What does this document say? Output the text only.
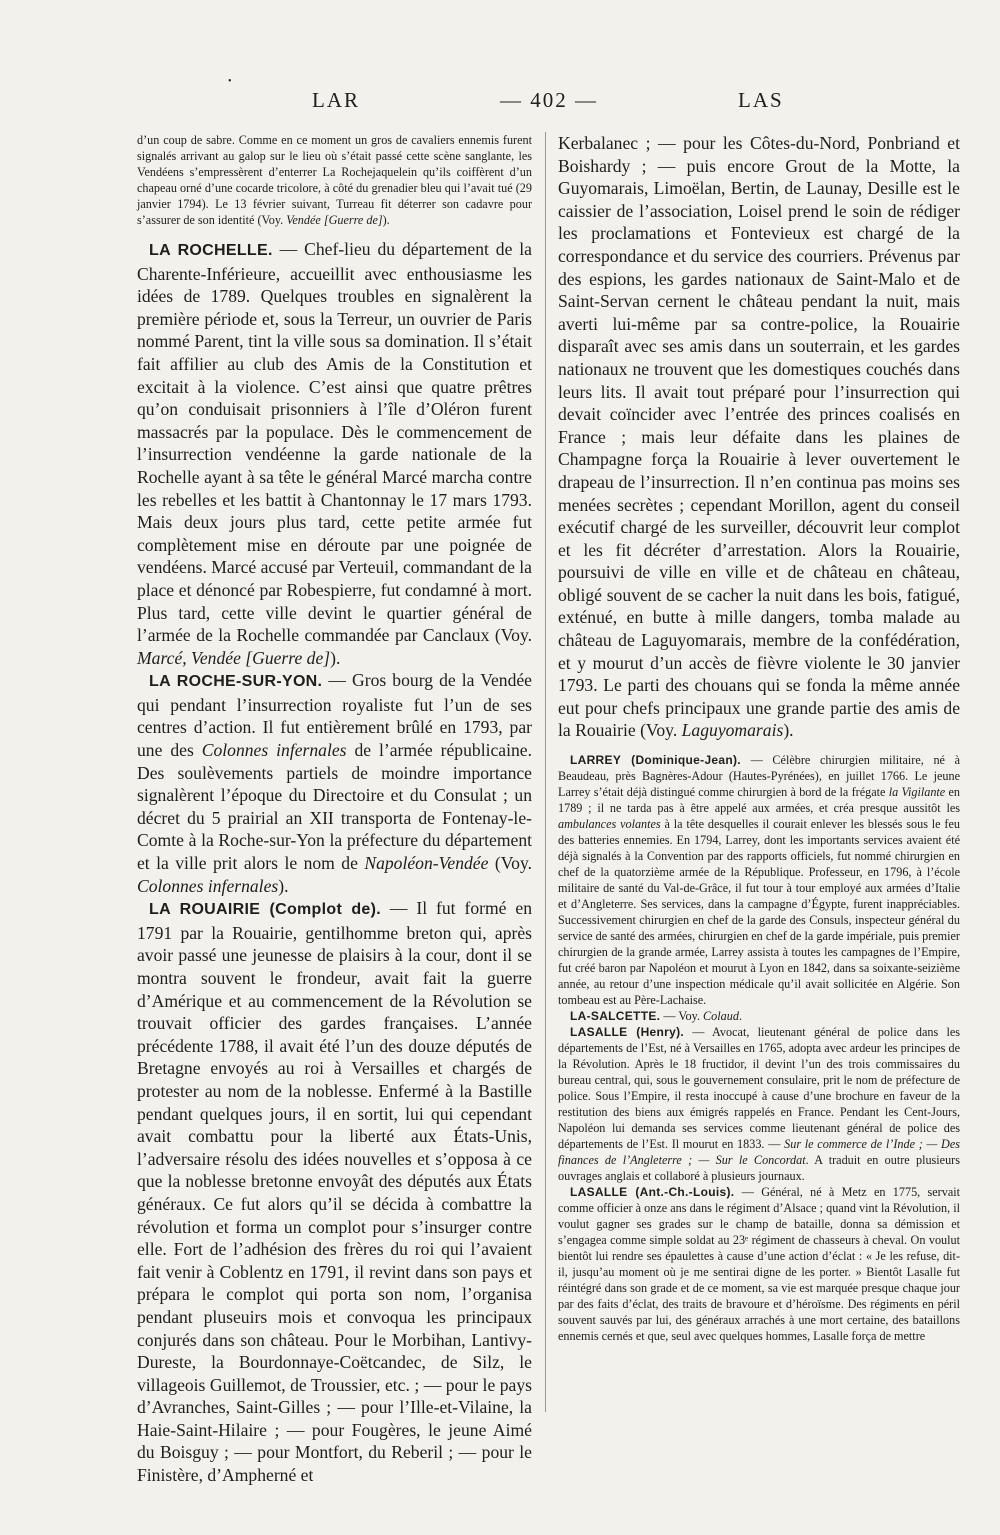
•
LAR	— 402 —	LAS

d’un coup de sabre. Comme en ce moment un gros de cavaliers ennemis furent signalés arrivant au galop sur le lieu où s’était passé cette scène sanglante, les Vendéens s’empressèrent d’enterrer La Rochejaquelein qu’ils coiffèrent d’un chapeau orné d’une cocarde tricolore, à côté du grenadier bleu qui l’avait tué (29 janvier 1794). Le 13 février suivant, Turreau fit déterrer son cadavre pour s’assurer de son identité (Voy. Vendée [Guerre de]).

LA ROCHELLE. — Chef-lieu du département de la Charente-Inférieure, accueillit avec enthousiasme les idées de 1789. Quelques troubles en signalèrent la première période et, sous la Terreur, un ouvrier de Paris nommé Parent, tint la ville sous sa domination. Il s’était fait affilier au club des Amis de la Constitution et excitait à la violence. C’est ainsi que quatre prêtres qu’on conduisait prisonniers à l’île d’Oléron furent massacrés par la populace. Dès le commencement de l’insurrection vendéenne la garde nationale de la Rochelle ayant à sa tête le général Marcé marcha contre les rebelles et les battit à Chantonnay le 17 mars 1793. Mais deux jours plus tard, cette petite armée fut complètement mise en déroute par une poignée de vendéens. Marcé accusé par Verteuil, commandant de la place et dénoncé par Robespierre, fut condamné à mort. Plus tard, cette ville devint le quartier général de l’armée de la Rochelle commandée par Canclaux (Voy. Marcé, Vendée [Guerre de]).

LA ROCHE-SUR-YON. — Gros bourg de la Vendée qui pendant l’insurrection royaliste fut l’un de ses centres d’action. Il fut entièrement brûlé en 1793, par une des Colonnes infernales de l’armée républicaine. Des soulèvements partiels de moindre importance signalèrent l’époque du Directoire et du Consulat ; un décret du 5 prairial an XII transporta de Fontenay-le-Comte à la Roche-sur-Yon la préfecture du département et la ville prit alors le nom de Napoléon-Vendée (Voy. Colonnes infernales).

LA ROUAIRIE (Complot de). — Il fut formé en 1791 par la Rouairie, gentilhomme breton qui, après avoir passé une jeunesse de plaisirs à la cour, dont il se montra souvent le frondeur, avait fait la guerre d’Amérique et au commencement de la Révolution se trouvait officier des gardes françaises. L’année précédente 1788, il avait été l’un des douze députés de Bretagne envoyés au roi à Versailles et chargés de protester au nom de la noblesse. Enfermé à la Bastille pendant quelques jours, il en sortit, lui qui cependant avait combattu pour la liberté aux États-Unis, l’adversaire résolu des idées nouvelles et s’opposa à ce que la noblesse bretonne envoyât des députés aux États généraux. Ce fut alors qu’il se décida à combattre la révolution et forma un complot pour s’insurger contre elle. Fort de l’adhésion des frères du roi qui l’avaient fait venir à Coblentz en 1791, il revint dans son pays et prépara le complot qui porta son nom, l’organisa pendant pluseuirs mois et convoqua les principaux conjurés dans son château. Pour le Morbihan, Lantivy-Dureste, la Bourdonnaye-Coëtcandec, de Silz, le villageois Guillemot, de Troussier, etc. ; — pour le pays d’Avranches, Saint-Gilles ; — pour l’Ille-et-Vilaine, la Haie-Saint-Hilaire ; — pour Fougères, le jeune Aimé du Boisguy ; — pour Montfort, du Reberil ; — pour le Finistère, d’Ampherné et

Kerbalanec ; — pour les Côtes-du-Nord, Ponbriand et Boishardy ; — puis encore Grout de la Motte, la Guyomarais, Limoëlan, Bertin, de Launay, Desille est le caissier de l’association, Loisel prend le soin de rédiger les proclamations et Fontevieux est chargé de la correspondance et du service des courriers. Prévenus par des espions, les gardes nationaux de Saint-Malo et de Saint-Servan cernent le château pendant la nuit, mais averti lui-même par sa contre-police, la Rouairie disparaît avec ses amis dans un souterrain, et les gardes nationaux ne trouvent que les domestiques couchés dans leurs lits. Il avait tout préparé pour l’insurrection qui devait coïncider avec l’entrée des princes coalisés en France ; mais leur défaite dans les plaines de Champagne força la Rouairie à lever ouvertement le drapeau de l’insurrection. Il n’en continua pas moins ses menées secrètes ; cependant Morillon, agent du conseil exécutif chargé de les surveiller, découvrit leur complot et les fit décréter d’arrestation. Alors la Rouairie, poursuivi de ville en ville et de château en château, obligé souvent de se cacher la nuit dans les bois, fatigué, exténué, en butte à mille dangers, tomba malade au château de Laguyomarais, membre de la confédération, et y mourut d’un accès de fièvre violente le 30 janvier 1793. Le parti des chouans qui se fonda la même année eut pour chefs principaux une grande partie des amis de la Rouairie (Voy. Laguyomarais).

LARREY (Dominique-Jean). — Célèbre chirurgien militaire, né à Beaudeau, près Bagnères-Adour (Hautes-Pyrénées), en juillet 1766. Le jeune Larrey s’était déjà distingué comme chirurgien à bord de la frégate la Vigilante en 1789 ; il ne tarda pas à être appelé aux armées, et créa presque aussitôt les ambulances volantes à la tête desquelles il courait enlever les blessés sous le feu des batteries ennemies. En 1794, Larrey, dont les importants services avaient été déjà signalés à la Convention par des rapports officiels, fut nommé chirurgien en chef de la quatorzième armée de la République. Professeur, en 1796, à l’école militaire de santé du Val-de-Grâce, il fut tour à tour employé aux armées d’Italie et d’Angleterre. Ses services, dans la campagne d’Égypte, furent inappréciables. Successivement chirurgien en chef de la garde des Consuls, inspecteur général du service de santé des armées, chirurgien en chef de la garde impériale, puis premier chirurgien de la grande armée, Larrey assista à toutes les campagnes de l’Empire, fut créé baron par Napoléon et mourut à Lyon en 1842, dans sa soixante-seizième année, au retour d’une inspection médicale qu’il avait sollicitée en Algérie. Son tombeau est au Père-Lachaise.

LA-SALCETTE. — Voy. Colaud.

LASALLE (Henry). — Avocat, lieutenant général de police dans les départements de l’Est, né à Versailles en 1765, adopta avec ardeur les principes de la Révolution. Après le 18 fructidor, il devint l’un des trois commissaires du bureau central, qui, sous le gouvernement consulaire, prit le nom de préfecture de police. Sous l’Empire, il resta inoccupé à cause d’une brochure en faveur de la restitution des biens aux émigrés rappelés en France. Pendant les Cent-Jours, Napoléon lui demanda ses services comme lieutenant général de police des départements de l’Est. Il mourut en 1833. — Sur le commerce de l’Inde ; — Des finances de l’Angleterre ; — Sur le Concordat. A traduit en outre plusieurs ouvrages anglais et collaboré à plusieurs journaux.

LASALLE (Ant.-Ch.-Louis). — Général, né à Metz en 1775, servait comme officier à onze ans dans le régiment d’Alsace ; quand vint la Révolution, il voulut gagner ses grades sur le champ de bataille, donna sa démission et s’engagea comme simple soldat au 23ᵉ régiment de chasseurs à cheval. On voulut bientôt lui rendre ses épaulettes à cause d’une action d’éclat : « Je les refuse, dit-il, jusqu’au moment où je me sentirai digne de les porter. » Bientôt Lasalle fut réintégré dans son grade et de ce moment, sa vie est marquée presque chaque jour par des faits d’éclat, des traits de bravoure et d’héroïsme. Des régiments en péril souvent sauvés par lui, des généraux arrachés à une mort certaine, des bataillons ennemis cernés et que, seul avec quelques hommes, Lasalle força de mettre
